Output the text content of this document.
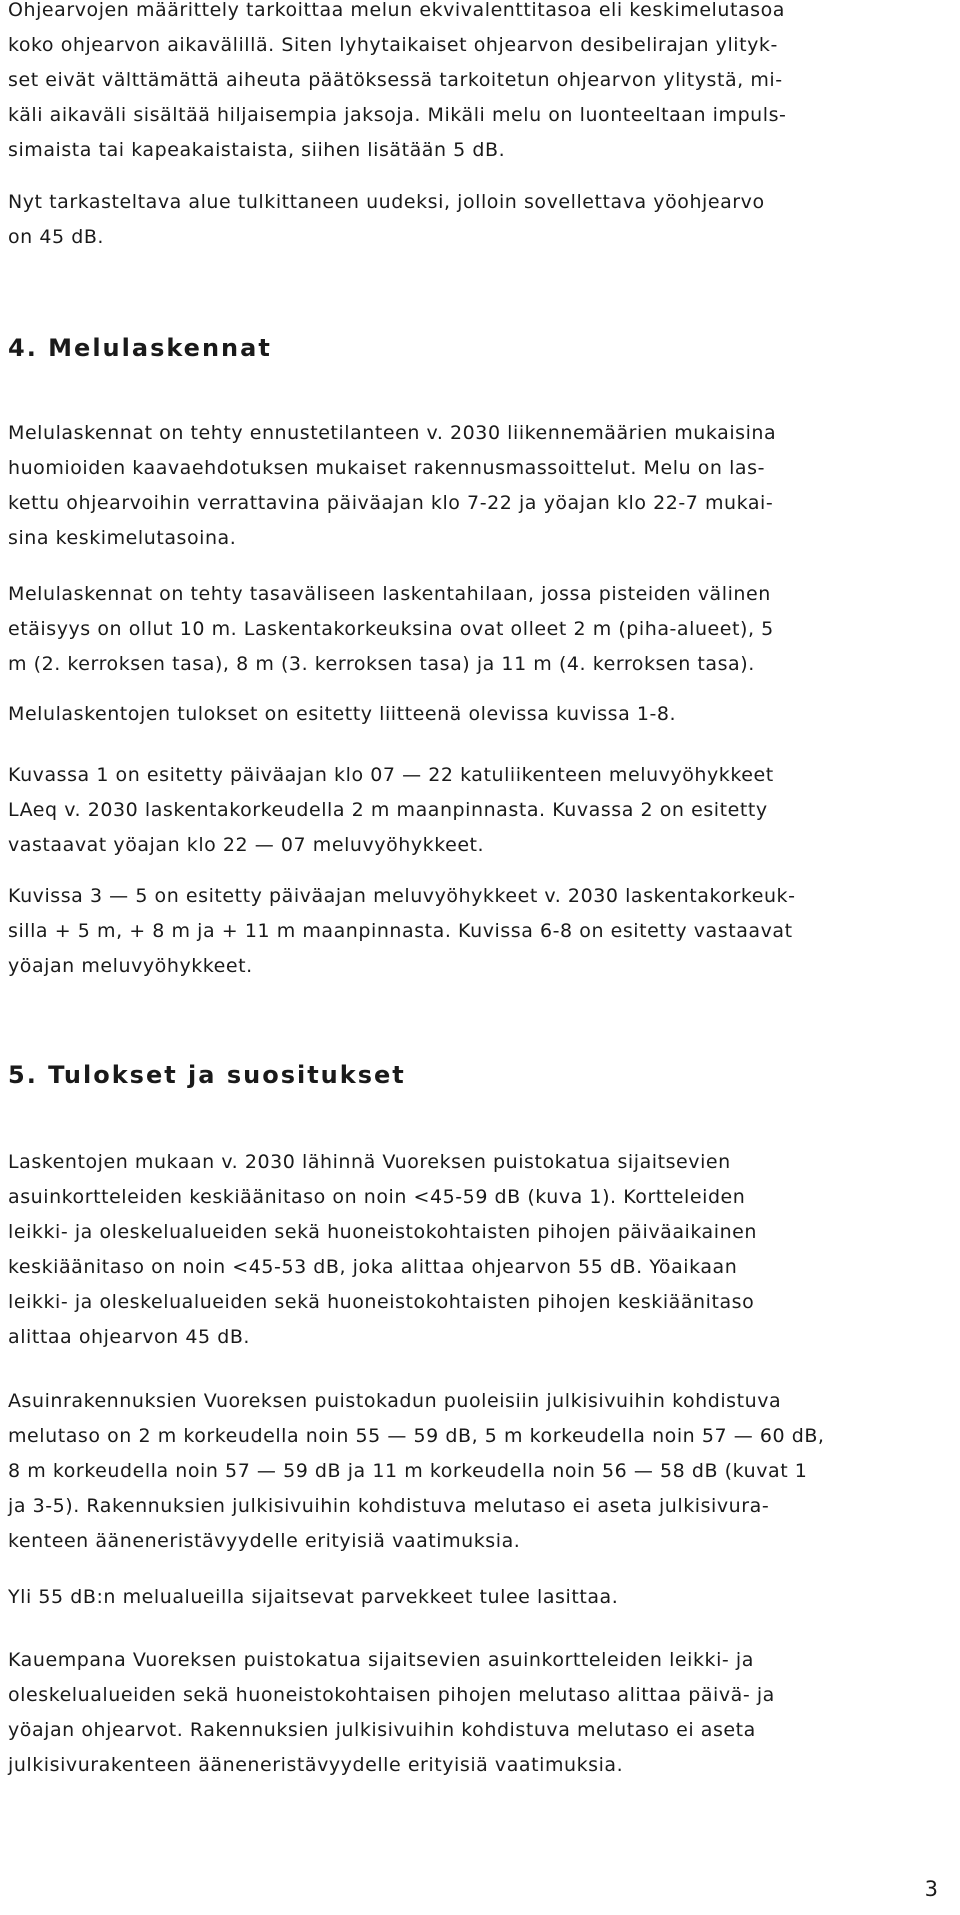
Ohjearvojen määrittely tarkoittaa melun ekvivalenttitasoa eli keskimelutasoa
koko ohjearvon aikavälillä. Siten lyhytaikaiset ohjearvon desibelirajan ylityk-
set eivät välttämättä aiheuta päätöksessä tarkoitetun ohjearvon ylitystä, mi-
käli aikaväli sisältää hiljaisempia jaksoja. Mikäli melu on luonteeltaan impuls-
simaista tai kapeakaistaista, siihen lisätään 5 dB.

Nyt tarkasteltava alue tulkittaneen uudeksi, jolloin sovellettava yöohjearvo
on 45 dB.

4. Melulaskennat

Melulaskennat on tehty ennustetilanteen v. 2030 liikennemäärien mukaisina
huomioiden kaavaehdotuksen mukaiset rakennusmassoittelut. Melu on las-
kettu ohjearvoihin verrattavina päiväajan klo 7-22 ja yöajan klo 22-7 mukai-
sina keskimelutasoina.

Melulaskennat on tehty tasaväliseen laskentahilaan, jossa pisteiden välinen
etäisyys on ollut 10 m. Laskentakorkeuksina ovat olleet 2 m (piha-alueet), 5
m (2. kerroksen tasa), 8 m (3. kerroksen tasa) ja 11 m (4. kerroksen tasa).

Melulaskentojen tulokset on esitetty liitteenä olevissa kuvissa 1-8.

Kuvassa 1 on esitetty päiväajan klo 07 — 22 katuliikenteen meluvyöhykkeet
LAeq v. 2030 laskentakorkeudella 2 m maanpinnasta. Kuvassa 2 on esitetty
vastaavat yöajan klo 22 — 07 meluvyöhykkeet.

Kuvissa 3 — 5 on esitetty päiväajan meluvyöhykkeet v. 2030 laskentakorkeuk-
silla + 5 m, + 8 m ja + 11 m maanpinnasta. Kuvissa 6-8 on esitetty vastaavat
yöajan meluvyöhykkeet.

5. Tulokset ja suositukset

Laskentojen mukaan v. 2030 lähinnä Vuoreksen puistokatua sijaitsevien
asuinkortteleiden keskiäänitaso on noin <45-59 dB (kuva 1). Kortteleiden
leikki- ja oleskelualueiden sekä huoneistokohtaisten pihojen päiväaikainen
keskiäänitaso on noin <45-53 dB, joka alittaa ohjearvon 55 dB. Yöaikaan
leikki- ja oleskelualueiden sekä huoneistokohtaisten pihojen keskiäänitaso
alittaa ohjearvon 45 dB.

Asuinrakennuksien Vuoreksen puistokadun puoleisiin julkisivuihin kohdistuva
melutaso on 2 m korkeudella noin 55 — 59 dB, 5 m korkeudella noin 57 — 60 dB,
8 m korkeudella noin 57 — 59 dB ja 11 m korkeudella noin 56 — 58 dB (kuvat 1
ja 3-5). Rakennuksien julkisivuihin kohdistuva melutaso ei aseta julkisivura-
kenteen ääneneristävyydelle erityisiä vaatimuksia.

Yli 55 dB:n melualueilla sijaitsevat parvekkeet tulee lasittaa.

Kauempana Vuoreksen puistokatua sijaitsevien asuinkortteleiden leikki- ja
oleskelualueiden sekä huoneistokohtaisen pihojen melutaso alittaa päivä- ja
yöajan ohjearvot. Rakennuksien julkisivuihin kohdistuva melutaso ei aseta
julkisivurakenteen ääneneristävyydelle erityisiä vaatimuksia.

3
